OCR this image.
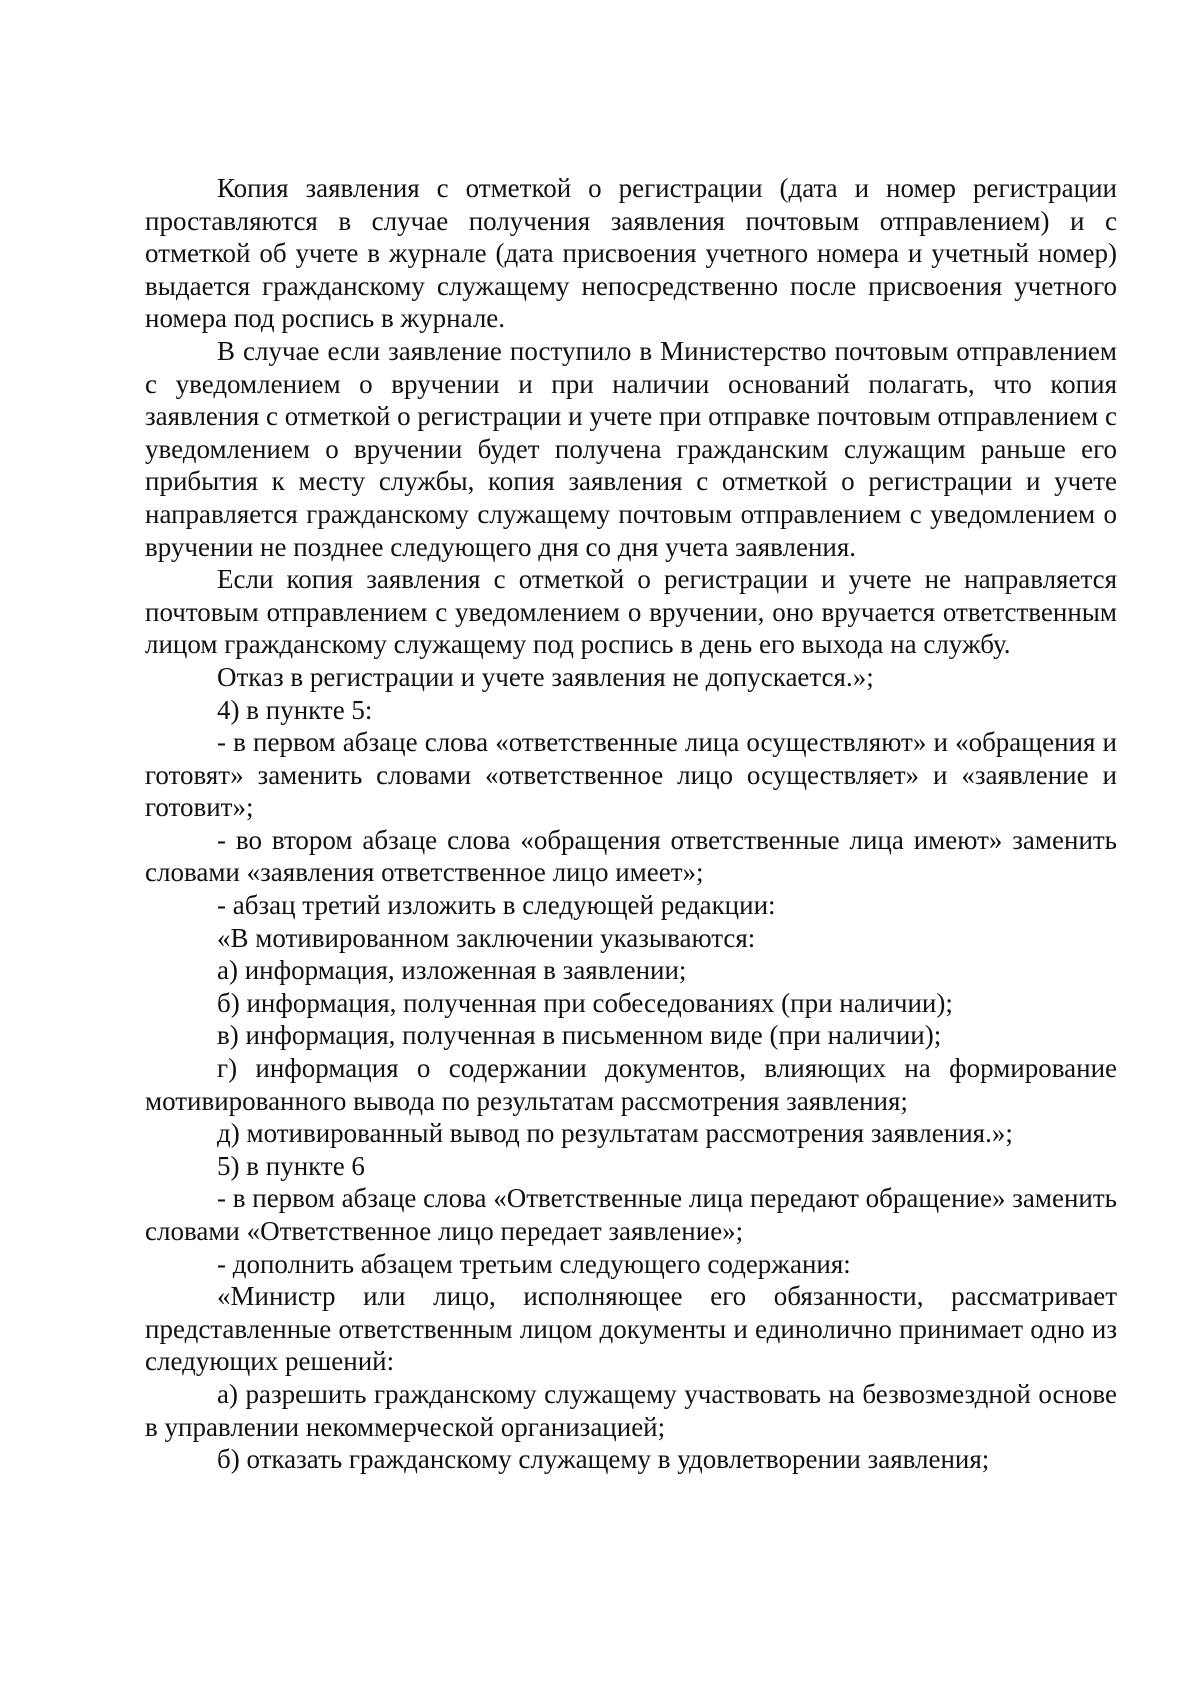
Копия заявления с отметкой о регистрации (дата и номер регистрации проставляются в случае получения заявления почтовым отправлением) и с отметкой об учете в журнале (дата присвоения учетного номера и учетный номер) выдается гражданскому служащему непосредственно после присвоения учетного номера под роспись в журнале.

В случае если заявление поступило в Министерство почтовым отправлением с уведомлением о вручении и при наличии оснований полагать, что копия заявления с отметкой о регистрации и учете при отправке почтовым отправлением с уведомлением о вручении будет получена гражданским служащим раньше его прибытия к месту службы, копия заявления с отметкой о регистрации и учете направляется гражданскому служащему почтовым отправлением с уведомлением о вручении не позднее следующего дня со дня учета заявления.

Если копия заявления с отметкой о регистрации и учете не направляется почтовым отправлением с уведомлением о вручении, оно вручается ответственным лицом гражданскому служащему под роспись в день его выхода на службу.

Отказ в регистрации и учете заявления не допускается.»;

4) в пункте 5:

- в первом абзаце слова «ответственные лица осуществляют» и «обращения и готовят» заменить словами «ответственное лицо осуществляет» и «заявление и готовит»;

- во втором абзаце слова «обращения ответственные лица имеют» заменить словами «заявления ответственное лицо имеет»;

- абзац третий изложить в следующей редакции:

«В мотивированном заключении указываются:

а) информация, изложенная в заявлении;

б) информация, полученная при собеседованиях (при наличии);

в) информация, полученная в письменном виде (при наличии);

г) информация о содержании документов, влияющих на формирование мотивированного вывода по результатам рассмотрения заявления;

д) мотивированный вывод по результатам рассмотрения заявления.»;

5) в пункте 6

- в первом абзаце слова «Ответственные лица передают обращение» заменить словами «Ответственное лицо передает заявление»;

- дополнить абзацем третьим следующего содержания:

«Министр или лицо, исполняющее его обязанности, рассматривает представленные ответственным лицом документы и единолично принимает одно из следующих решений:

а) разрешить гражданскому служащему участвовать на безвозмездной основе в управлении некоммерческой организацией;

б) отказать гражданскому служащему в удовлетворении заявления;
